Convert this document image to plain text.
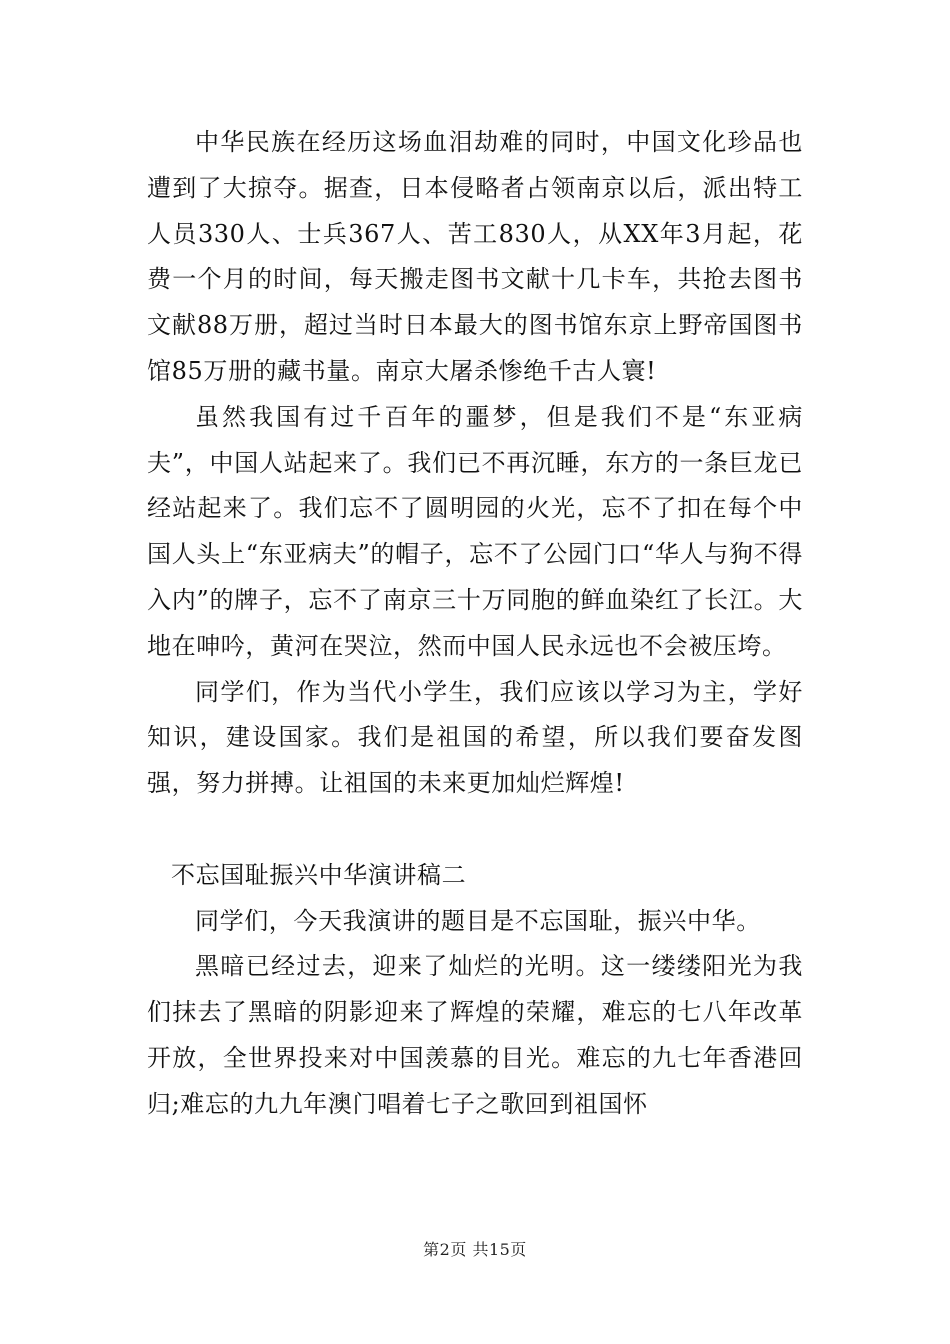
中华民族在经历这场血泪劫难的同时，中国文化珍品也遭到了大掠夺。据查，日本侵略者占领南京以后，派出特工人员330人、士兵367人、苦工830人，从XX年3月起，花费一个月的时间，每天搬走图书文献十几卡车，共抢去图书文献88万册，超过当时日本最大的图书馆东京上野帝国图书馆85万册的藏书量。南京大屠杀惨绝千古人寰!

虽然我国有过千百年的噩梦，但是我们不是“东亚病夫”，中国人站起来了。我们已不再沉睡，东方的一条巨龙已经站起来了。我们忘不了圆明园的火光，忘不了扣在每个中国人头上“东亚病夫”的帽子，忘不了公园门口“华人与狗不得入内”的牌子，忘不了南京三十万同胞的鲜血染红了长江。大地在呻吟，黄河在哭泣，然而中国人民永远也不会被压垮。

同学们，作为当代小学生，我们应该以学习为主，学好知识，建设国家。我们是祖国的希望，所以我们要奋发图强，努力拼搏。让祖国的未来更加灿烂辉煌!

不忘国耻振兴中华演讲稿二

同学们，今天我演讲的题目是不忘国耻，振兴中华。

黑暗已经过去，迎来了灿烂的光明。这一缕缕阳光为我们抹去了黑暗的阴影迎来了辉煌的荣耀，难忘的七八年改革开放，全世界投来对中国羡慕的目光。难忘的九七年香港回归;难忘的九九年澳门唱着七子之歌回到祖国怀

第2页 共15页
